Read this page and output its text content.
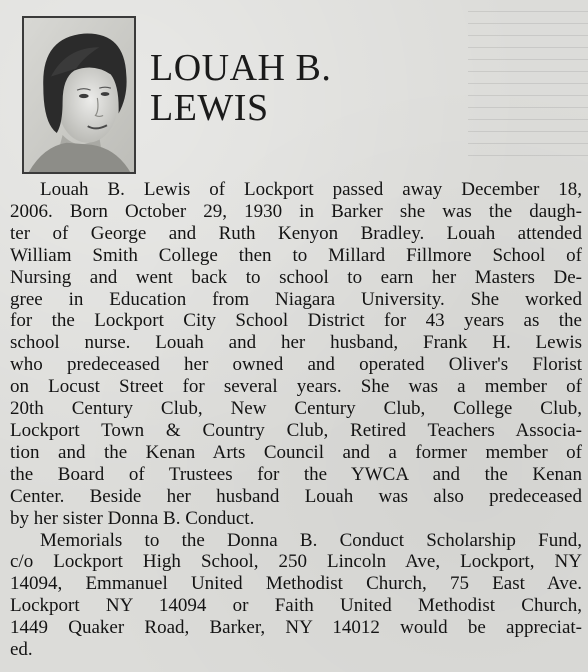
LOUAH B.
LEWIS
Louah B. Lewis of Lockport passed away December 18,
2006. Born October 29, 1930 in Barker she was the daugh-
ter of George and Ruth Kenyon Bradley. Louah attended
William Smith College then to Millard Fillmore School of
Nursing and went back to school to earn her Masters De-
gree in Education from Niagara University. She worked
for the Lockport City School District for 43 years as the
school nurse. Louah and her husband, Frank H. Lewis
who predeceased her owned and operated Oliver's Florist
on Locust Street for several years. She was a member of
20th Century Club, New Century Club, College Club,
Lockport Town & Country Club, Retired Teachers Associa-
tion and the Kenan Arts Council and a former member of
the Board of Trustees for the YWCA and the Kenan
Center. Beside her husband Louah was also predeceased
by her sister Donna B. Conduct.
Memorials to the Donna B. Conduct Scholarship Fund,
c/o Lockport High School, 250 Lincoln Ave, Lockport, NY
14094, Emmanuel United Methodist Church, 75 East Ave.
Lockport NY 14094 or Faith United Methodist Church,
1449 Quaker Road, Barker, NY 14012 would be appreciat-
ed.
